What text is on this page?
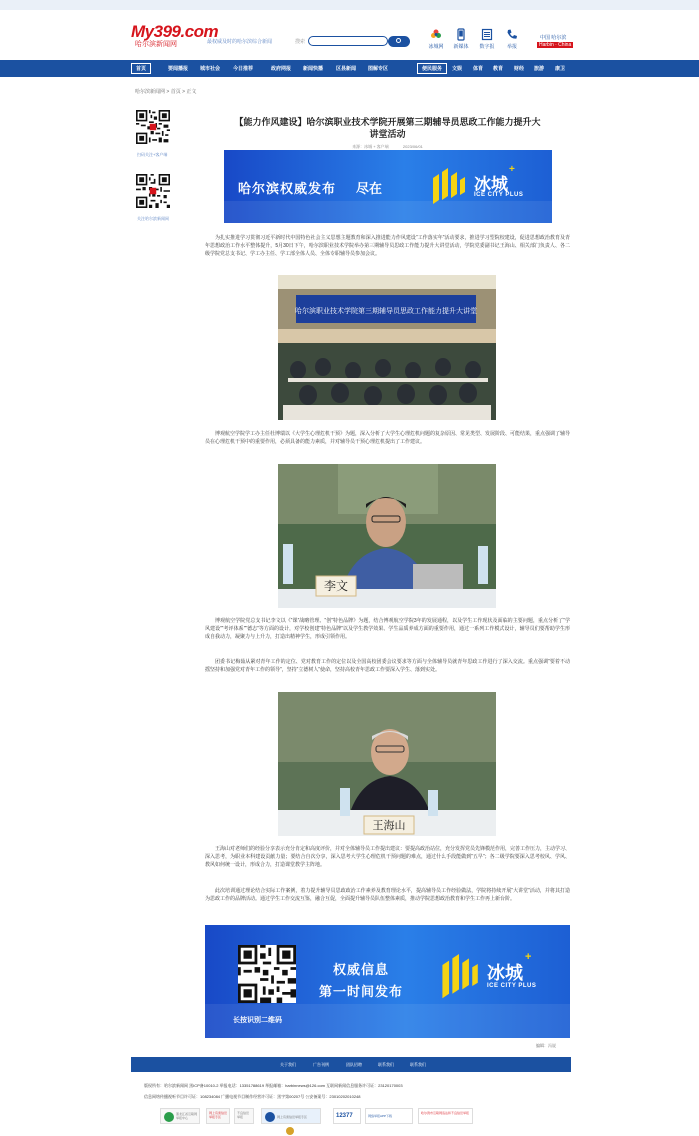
My399.com
哈尔滨新闻网	最权威及时的哈尔滨综合新闻	搜索
冰城网	新媒体	数字报	举报
中国 哈尔滨
Harbin · China
首页	要闻播报 城市社会	今日推荐	政府网报 新闻快播	区县新闻 图解专区	便民服务	文娱 体育 教育 财经 旅游 康卫
哈尔滨新闻网 > 首页 > 正文
扫码关注+客户端
关注哈尔滨新闻网
【能力作风建设】哈尔滨职业技术学院开展第三期辅导员思政工作能力提升大
讲堂活动
来源：冰城 + 客户端	2023/06/01
哈尔滨权威发布 尽在	冰城
+
ICE CITY PLUS

为扎实推进学习贯彻习近平新时代中国特色社会主义思想主题教育和深入推进能力作风建设“工作落实年”活动要求，推进学习型院校建设，促进思想政治教育及青年思想政治工作水平整体提升，5月30日下午，哈尔滨职业技术学院举办第三期辅导员思政工作能力提升大讲堂活动，学院党委副书记王海山、相关部门负责人、各二级学院党总支书记、学工办主任、学工部全体人员、全体专职辅导员参加会议。

哈尔滨职业技术学院第三期辅导员思政工作能力提升大讲堂

博观航空学院学工办主任杜博瑞以《大学生心理危机干预》为题，深入分析了大学生心理危机问题的复杂原因、常见类型、发展阶段、可能结果，重点强调了辅导员在心理危机干预中的重要作用，必须具备的能力素质，并对辅导员干预心理危机提出了工作建议。

李文

博观航空学院党总支书记李文以《“课”战略管理、“创”特色品牌》为题，结合博观航空学院3年的发展通程，以及学生工作现状及面临的主要问题，重点分析了“学风建设”“考评体系”“德志”等方面的设计，对学校创建“特色品牌”以及学生教学效果、学生品质养成方面的重要作用，通过一系列工作模式设计，辅导员们要帮助学生形成自我动力，凝聚力与上升力，打造出精神学生，形成引领作用。

团委书记梅茹从紧对青年工作的定位、党对教育工作的定位以及全国高校团委会议要求等方面与全体辅导员就青年思政工作进行了深入交流。重点强调“要着不动摇坚持和加强党对青年工作的领导”，坚持“立德树人”使命，坚持高校青年思政工作要深入学生、落到实处。

王海山

王海山对老师们的经验分享表示充分肯定和高度评价，并对全体辅导员工作提出建议：要提高政治站位，充分发挥党员先锋模范作用，完善工作压力，主动学习、深入思考，为职业本科建设贡献力量；要结合自次分享，深入思考大学生心理危机干预问题的难点，通过什么手段能做到“五早”；各二级学院要深入思考校风、学风、教风如何统一设计，形成合力，打造课堂教学主阵地。

此次培训通过理论结合实际工作案例，着力提升辅导员思政政治工作素养及教育理论水平，提高辅导员工作经验做法，学院将持续开展“大讲堂”活动，并将其打造为思政工作的品牌活动。通过学生工作交流互鉴，融合互促，全面提升辅导员队伍整体素质，推动学院思想政治教育和学生工作再上新台阶。

长按识别二维码
权威信息
第一时间发布
冰城
+
ICE CITY PLUS
编辑：冯说
关于我们	广告刊例	团队招聘	联系我们	联系我们
版权所有：哈尔滨新闻网 黑ICP备10010-2 举报电话：13351788619 举报邮箱：harbinnews@126.com 互联网新闻信息服务许可证：23120170003
信息网络传播视听节目许可证：108234084 广播电视节目制作经营许可证：黑字第00207号 公安备案号：23010202010248
黑龙江省互联网举报中心
网上有害信息举报专区
不良信息举报	网上有害信息举报专区	12377	网络举报APP下载
哈尔滨市互联网违法和不良信息举报
